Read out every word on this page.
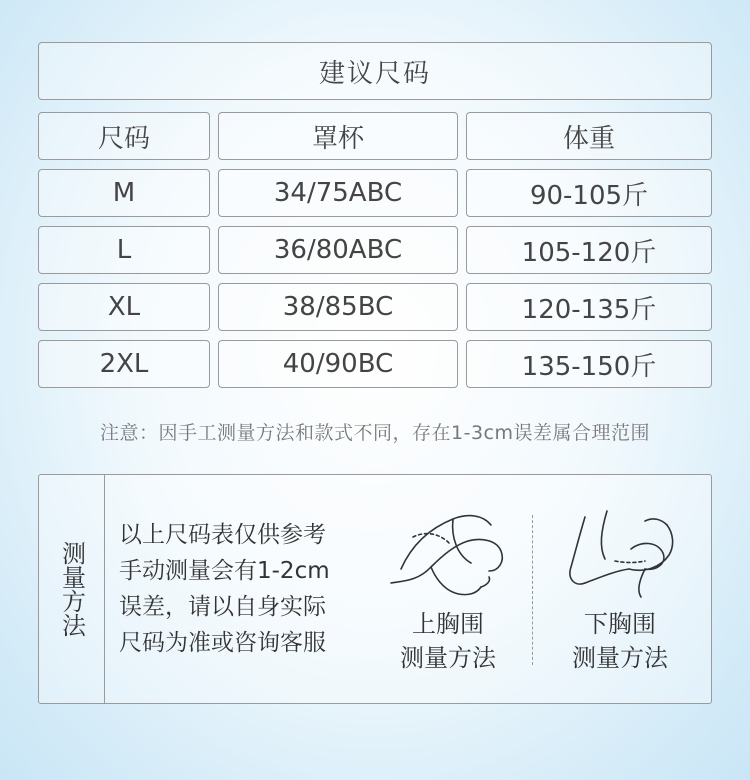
建议尺码
尺码	罩杯	体重
M	34/75ABC	90-105斤
L	36/80ABC	105-120斤
XL	38/85BC	120-135斤
2XL	40/90BC	135-150斤
注意：因手工测量方法和款式不同，存在1-3cm误差属合理范围
测量方法
以上尺码表仅供参考
手动测量会有1-2cm
误差，请以自身实际
尺码为准或咨询客服
上胸围
测量方法
下胸围
测量方法
